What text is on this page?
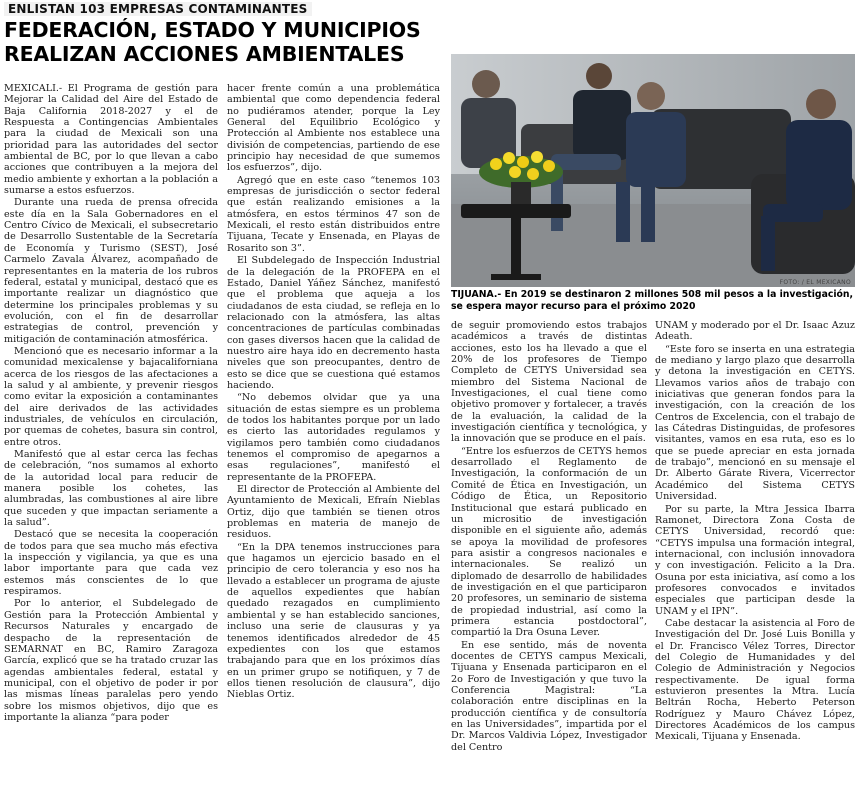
ENLISTAN 103 EMPRESAS CONTAMINANTES
FEDERACIÓN, ESTADO Y MUNICIPIOS
REALIZAN ACCIONES AMBIENTALES

MEXICALI.- El Programa de gestión para Mejorar la Calidad del Aire del Estado de Baja California 2018-2027 y el de Respuesta a Contingencias Ambientales para la ciudad de Mexicali son una prioridad para las autoridades del sector ambiental de BC, por lo que llevan a cabo acciones que contribuyen a la mejora del medio ambiente y exhortan a la población a sumarse a estos esfuerzos.

Durante una rueda de prensa ofrecida este día en la Sala Gobernadores en el Centro Cívico de Mexicali, el subsecretario de Desarrollo Sustentable de la Secretaría de Economía y Turismo (SEST), José Carmelo Zavala Álvarez, acompañado de representantes en la materia de los rubros federal, estatal y municipal, destacó que es importante realizar un diagnóstico que determine los principales problemas y su evolución, con el fin de desarrollar estrategias de control, prevención y mitigación de contaminación atmosférica.

Mencionó que es necesario informar a la comunidad mexicalense y bajacaliforniana acerca de los riesgos de las afectaciones a la salud y al ambiente, y prevenir riesgos como evitar la exposición a contaminantes del aire derivados de las actividades industriales, de vehículos en circulación, por quemas de cohetes, basura sin control, entre otros.

Manifestó que al estar cerca las fechas de celebración, “nos sumamos al exhorto de la autoridad local para reducir de manera posible los cohetes, las alumbradas, las combustiones al aire libre que suceden y que impactan seriamente a la salud”.

Destacó que se necesita la cooperación de todos para que sea mucho más efectiva la inspección y vigilancia, ya que es una labor importante para que cada vez estemos más conscientes de lo que respiramos.

Por lo anterior, el Subdelegado de Gestión para la Protección Ambiental y Recursos Naturales y encargado de despacho de la representación de SEMARNAT en BC, Ramiro Zaragoza García, explicó que se ha tratado cruzar las agendas ambientales federal, estatal y municipal, con el objetivo de poder ir por las mismas líneas paralelas pero yendo sobre los mismos objetivos, dijo que es importante la alianza “para poder

hacer frente común a una problemática ambiental que como dependencia federal no pudiéramos atender, porque la Ley General del Equilibrio Ecológico y Protección al Ambiente nos establece una división de competencias, partiendo de ese principio hay necesidad de que sumemos los esfuerzos”, dijo.

Agregó que en este caso “tenemos 103 empresas de jurisdicción o sector federal que están realizando emisiones a la atmósfera, en estos términos 47 son de Mexicali, el resto están distribuidos entre Tijuana, Tecate y Ensenada, en Playas de Rosarito son 3”.

El Subdelegado de Inspección Industrial de la delegación de la PROFEPA en el Estado, Daniel Yáñez Sánchez, manifestó que el problema que aqueja a los ciudadanos de esta ciudad, se refleja en lo relacionado con la atmósfera, las altas concentraciones de partículas combinadas con gases diversos hacen que la calidad de nuestro aire haya ido en decremento hasta niveles que son preocupantes, dentro de esto se dice que se cuestiona qué estamos haciendo.

“No debemos olvidar que ya una situación de estas siempre es un problema de todos los habitantes porque por un lado es cierto las autoridades regulamos y vigilamos pero también como ciudadanos tenemos el compromiso de apegarnos a esas regulaciones”, manifestó el representante de la PROFEPA.

El director de Protección al Ambiente del Ayuntamiento de Mexicali, Efraín Nieblas Ortiz, dijo que también se tienen otros problemas en materia de manejo de residuos.

“En la DPA tenemos instrucciones para que hagamos un ejercicio basado en el principio de cero tolerancia y eso nos ha llevado a establecer un programa de ajuste de aquellos expedientes que habían quedado rezagados en cumplimiento ambiental y se han establecido sanciones, incluso una serie de clausuras y ya tenemos identificados alrededor de 45 expedientes con los que estamos trabajando para que en los próximos días en un primer grupo se notifiquen, y 7 de ellos tienen resolución de clausura”, dijo Nieblas Ortiz.

FOTO: / EL MEXICANO
TIJUANA.- En 2019 se destinaron 2 millones 508 mil pesos a la investigación, se espera mayor recurso para el próximo 2020

de seguir promoviendo estos trabajos académicos a través de distintas acciones, esto los ha llevado a que el 20% de los profesores de Tiempo Completo de CETYS Universidad sea miembro del Sistema Nacional de Investigaciones, el cual tiene como objetivo promover y fortalecer, a través de la evaluación, la calidad de la investigación científica y tecnológica, y la innovación que se produce en el país.

“Entre los esfuerzos de CETYS hemos desarrollado el Reglamento de Investigación, la conformación de un Comité de Ética en Investigación, un Código de Ética, un Repositorio Institucional que estará publicado en un micrositio de investigación disponible en el siguiente año, además se apoya la movilidad de profesores para asistir a congresos nacionales e internacionales. Se realizó un diplomado de desarrollo de habilidades de investigación en el que participaron 20 profesores, un seminario de sistema de propiedad industrial, así como la primera estancia postdoctoral”, compartió la Dra Osuna Lever.

En ese sentido, más de noventa docentes de CETYS campus Mexicali, Tijuana y Ensenada participaron en el 2o Foro de Investigación y que tuvo la Conferencia Magistral: “La colaboración entre disciplinas en la producción científica y de consultoría en las Universidades”, impartida por el Dr. Marcos Valdivia López, Investigador del Centro

UNAM y moderado por el Dr. Isaac Azuz Adeath.

“Este foro se inserta en una estrategia de mediano y largo plazo que desarrolla y detona la investigación en CETYS. Llevamos varios años de trabajo con iniciativas que generan fondos para la investigación, con la creación de los Centros de Excelencia, con el trabajo de las Cátedras Distinguidas, de profesores visitantes, vamos en esa ruta, eso es lo que se puede apreciar en esta jornada de trabajo”, mencionó en su mensaje el Dr. Alberto Gárate Rivera, Vicerrector Académico del Sistema CETYS Universidad.

Por su parte, la Mtra Jessica Ibarra Ramonet, Directora Zona Costa de CETYS Universidad, recordó que: “CETYS impulsa una formación integral, internacional, con inclusión innovadora y con investigación. Felicito a la Dra. Osuna por esta iniciativa, así como a los profesores convocados e invitados especiales que participan desde la UNAM y el IPN”.

Cabe destacar la asistencia al Foro de Investigación del Dr. José Luis Bonilla y el Dr. Francisco Vélez Torres, Director del Colegio de Humanidades y del Colegio de Administración y Negocios respectivamente. De igual forma estuvieron presentes la Mtra. Lucía Beltrán Rocha, Heberto Peterson Rodríguez y Mauro Chávez López, Directores Académicos de los campus Mexicali, Tijuana y Ensenada.
